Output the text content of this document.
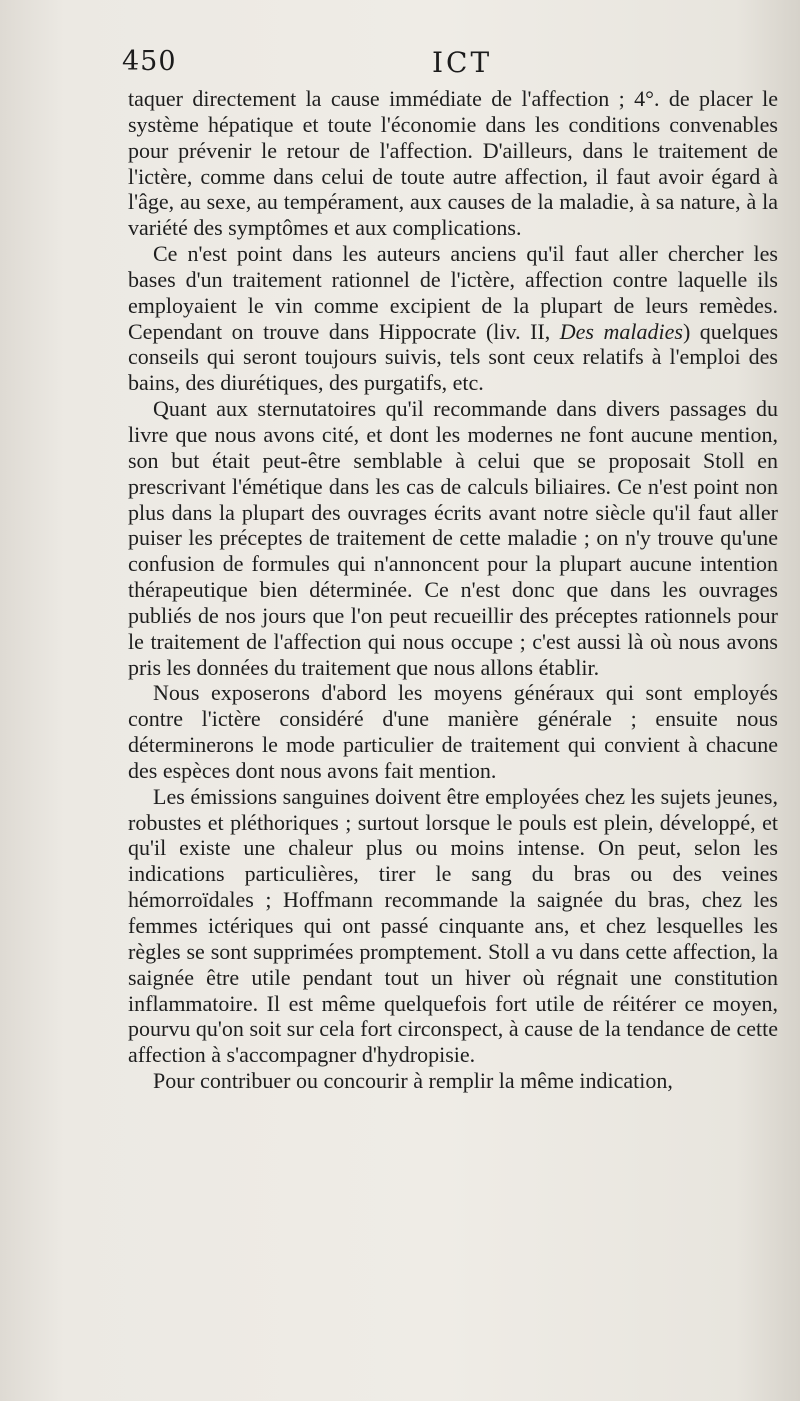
450	ICT

taquer directement la cause immédiate de l'affection ; 4°. de placer le système hépatique et toute l'économie dans les conditions convenables pour prévenir le retour de l'affection. D'ailleurs, dans le traitement de l'ictère, comme dans celui de toute autre affection, il faut avoir égard à l'âge, au sexe, au tempérament, aux causes de la maladie, à sa nature, à la variété des symptômes et aux complications.

Ce n'est point dans les auteurs anciens qu'il faut aller chercher les bases d'un traitement rationnel de l'ictère, affection contre laquelle ils employaient le vin comme excipient de la plupart de leurs remèdes. Cependant on trouve dans Hippocrate (liv. II, Des maladies) quelques conseils qui seront toujours suivis, tels sont ceux relatifs à l'emploi des bains, des diurétiques, des purgatifs, etc.

Quant aux sternutatoires qu'il recommande dans divers passages du livre que nous avons cité, et dont les modernes ne font aucune mention, son but était peut-être semblable à celui que se proposait Stoll en prescrivant l'émétique dans les cas de calculs biliaires. Ce n'est point non plus dans la plupart des ouvrages écrits avant notre siècle qu'il faut aller puiser les préceptes de traitement de cette maladie ; on n'y trouve qu'une confusion de formules qui n'annoncent pour la plupart aucune intention thérapeutique bien déterminée. Ce n'est donc que dans les ouvrages publiés de nos jours que l'on peut recueillir des préceptes rationnels pour le traitement de l'affection qui nous occupe ; c'est aussi là où nous avons pris les données du traitement que nous allons établir.

Nous exposerons d'abord les moyens généraux qui sont employés contre l'ictère considéré d'une manière générale ; ensuite nous déterminerons le mode particulier de traitement qui convient à chacune des espèces dont nous avons fait mention.

Les émissions sanguines doivent être employées chez les sujets jeunes, robustes et pléthoriques ; surtout lorsque le pouls est plein, développé, et qu'il existe une chaleur plus ou moins intense. On peut, selon les indications particulières, tirer le sang du bras ou des veines hémorroïdales ; Hoffmann recommande la saignée du bras, chez les femmes ictériques qui ont passé cinquante ans, et chez lesquelles les règles se sont supprimées promptement. Stoll a vu dans cette affection, la saignée être utile pendant tout un hiver où régnait une constitution inflammatoire. Il est même quelquefois fort utile de réitérer ce moyen, pourvu qu'on soit sur cela fort circonspect, à cause de la tendance de cette affection à s'accompagner d'hydropisie.

Pour contribuer ou concourir à remplir la même indication,
